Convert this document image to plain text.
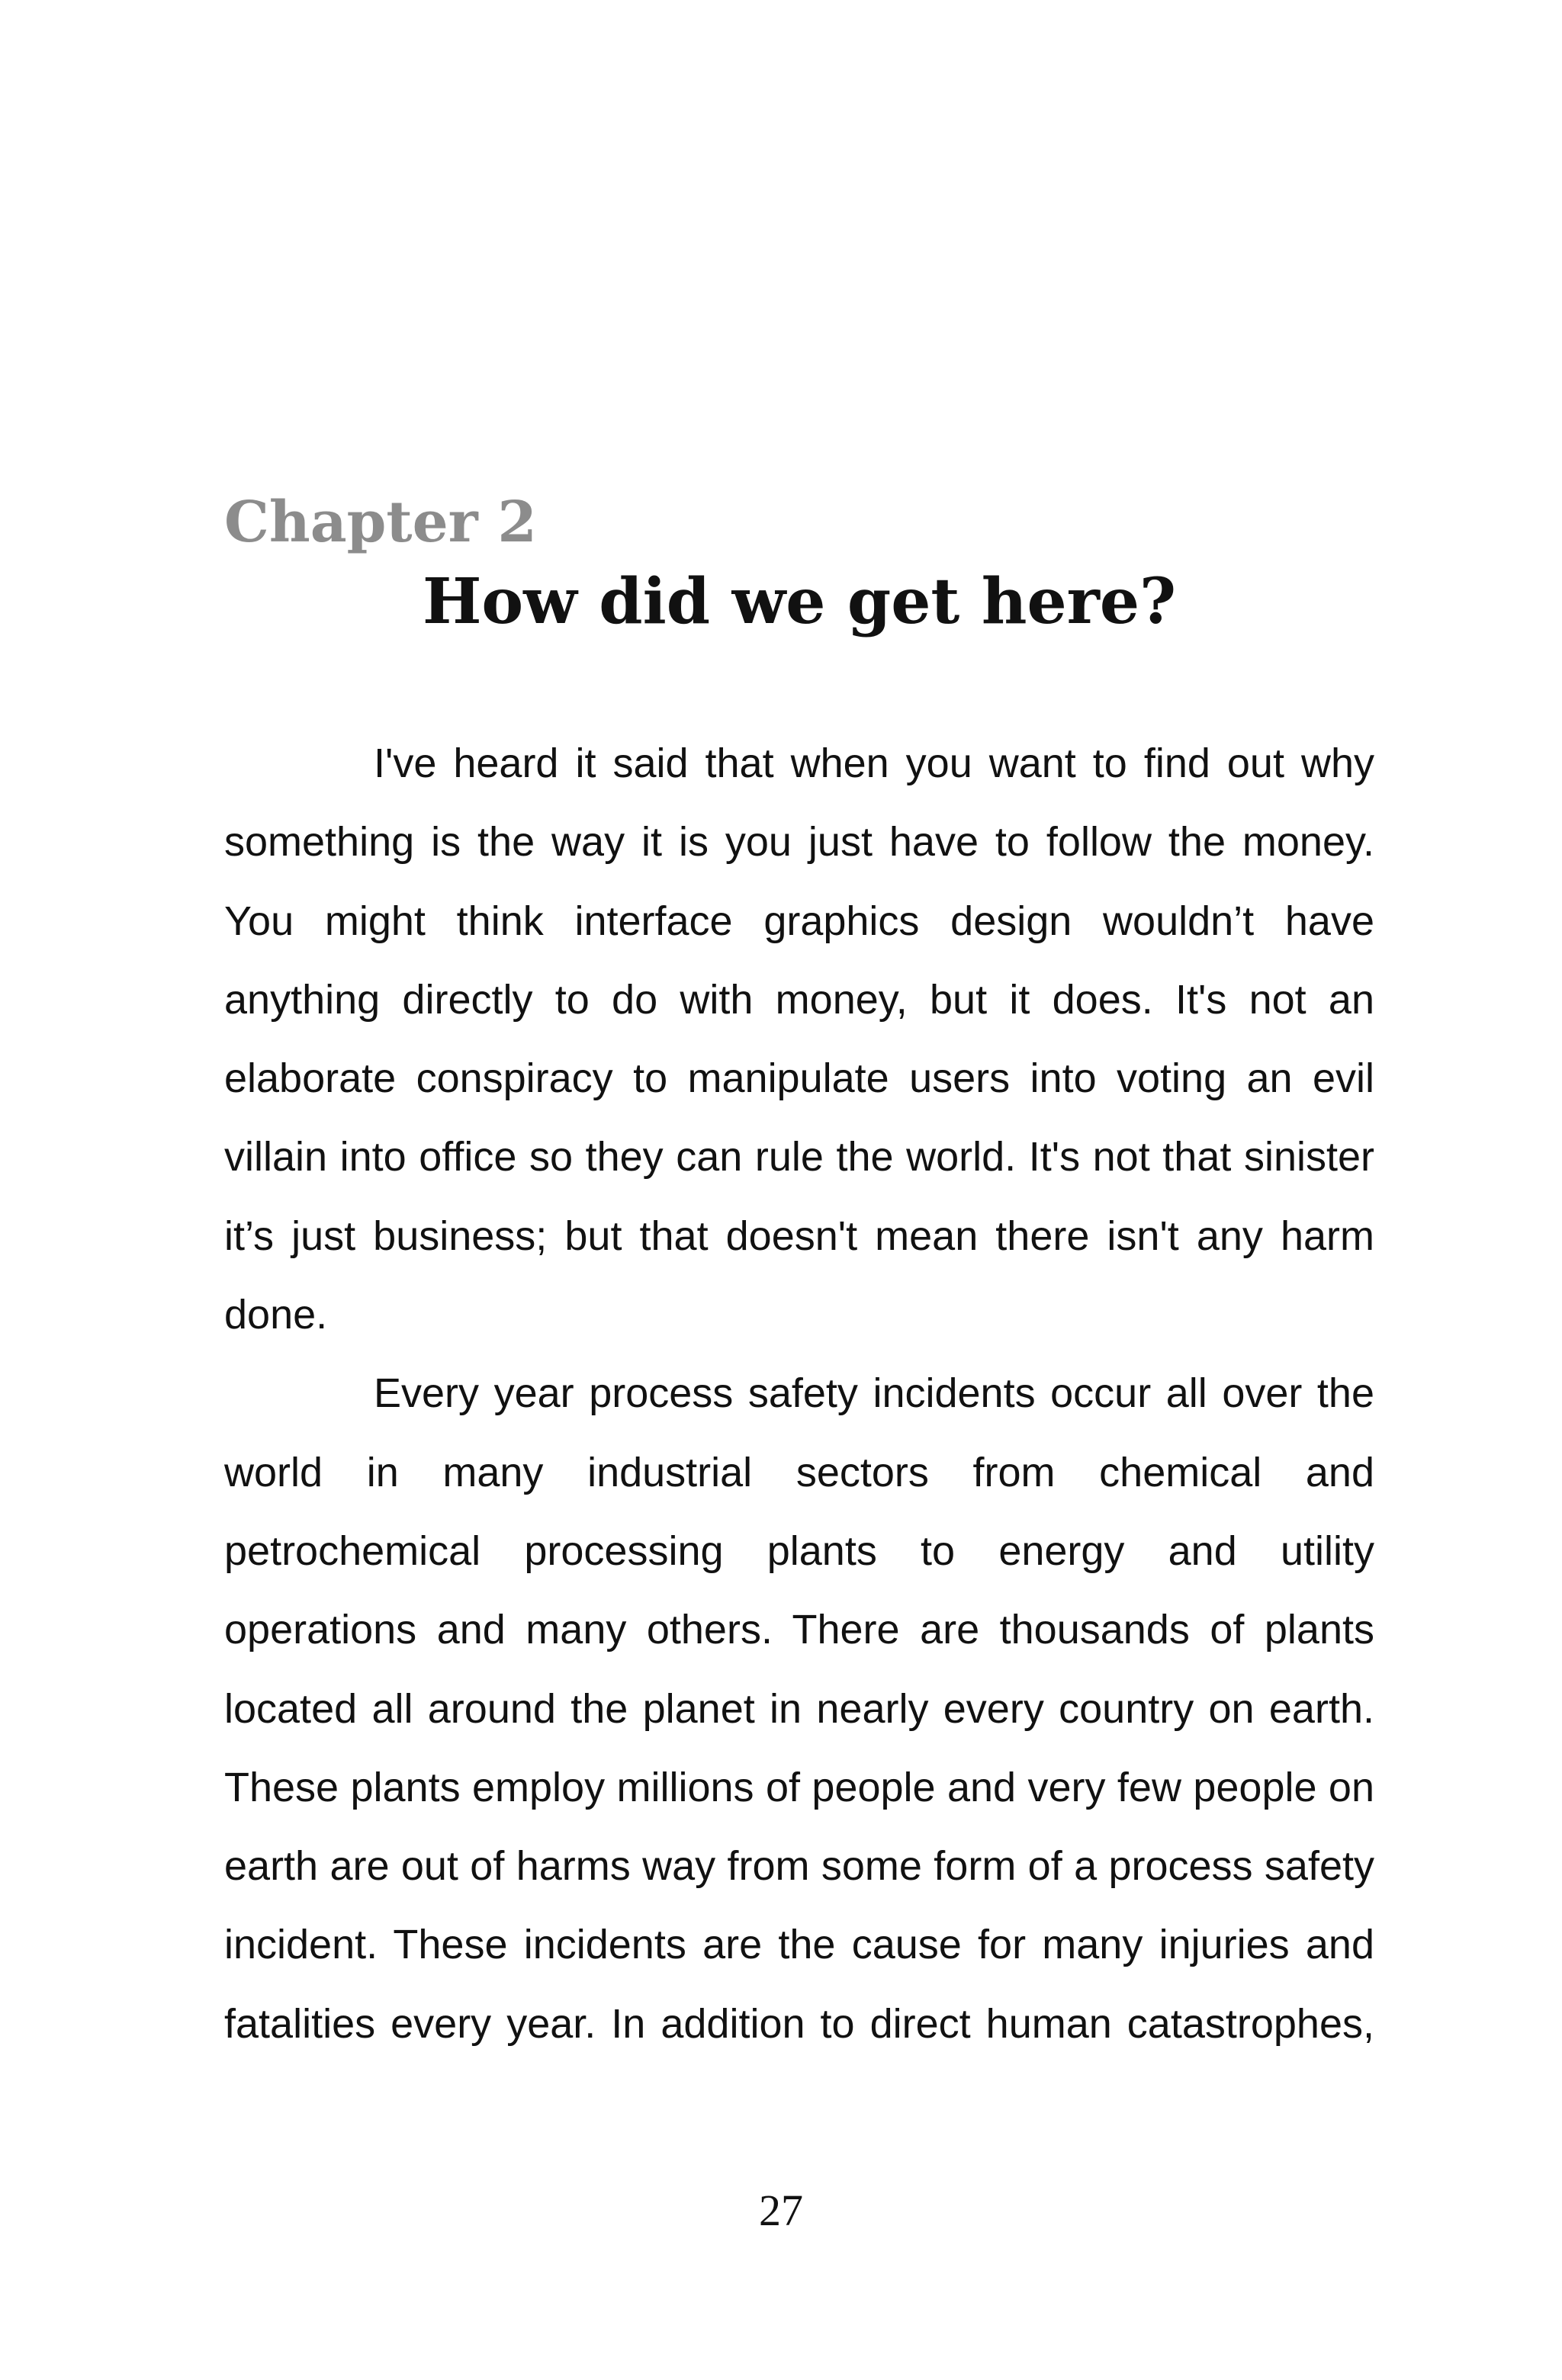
Chapter 2
How did we get here?

I've heard it said that when you want to find out why something is the way it is you just have to follow the money. You might think interface graphics design wouldn’t have anything directly to do with money, but it does. It's not an elaborate conspiracy to manipulate users into voting an evil villain into office so they can rule the world. It's not that sinister it’s just business; but that doesn't mean there isn't any harm done.

Every year process safety incidents occur all over the world in many industrial sectors from chemical and petrochemical processing plants to energy and utility operations and many others. There are thousands of plants located all around the planet in nearly every country on earth. These plants employ millions of people and very few people on earth are out of harms way from some form of a process safety incident. These incidents are the cause for many injuries and fatalities every year. In addition to direct human catastrophes,

27
